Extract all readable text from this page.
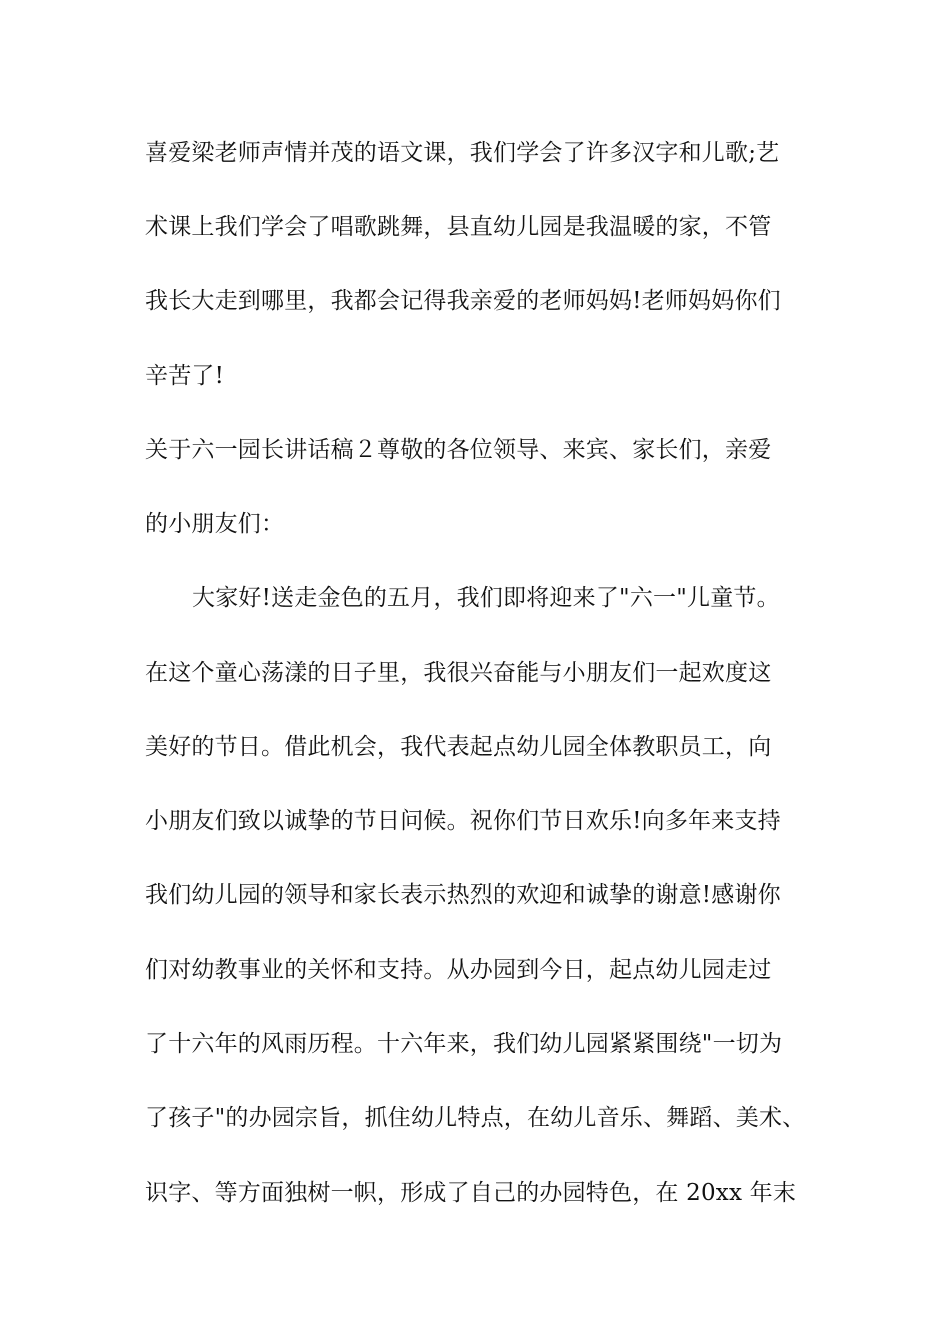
喜爱梁老师声情并茂的语文课，我们学会了许多汉字和儿歌;艺
术课上我们学会了唱歌跳舞，县直幼儿园是我温暖的家，不管
我长大走到哪里，我都会记得我亲爱的老师妈妈!老师妈妈你们
辛苦了!
关于六一园长讲话稿２尊敬的各位领导、来宾、家长们，亲爱
的小朋友们：
大家好!送走金色的五月，我们即将迎来了"六一"儿童节。
在这个童心荡漾的日子里，我很兴奋能与小朋友们一起欢度这
美好的节日。借此机会，我代表起点幼儿园全体教职员工，向
小朋友们致以诚挚的节日问候。祝你们节日欢乐!向多年来支持
我们幼儿园的领导和家长表示热烈的欢迎和诚挚的谢意!感谢你
们对幼教事业的关怀和支持。从办园到今日，起点幼儿园走过
了十六年的风雨历程。十六年来，我们幼儿园紧紧围绕"一切为
了孩子"的办园宗旨，抓住幼儿特点，在幼儿音乐、舞蹈、美术、
识字、等方面独树一帜，形成了自己的办园特色，在 20xx 年末
